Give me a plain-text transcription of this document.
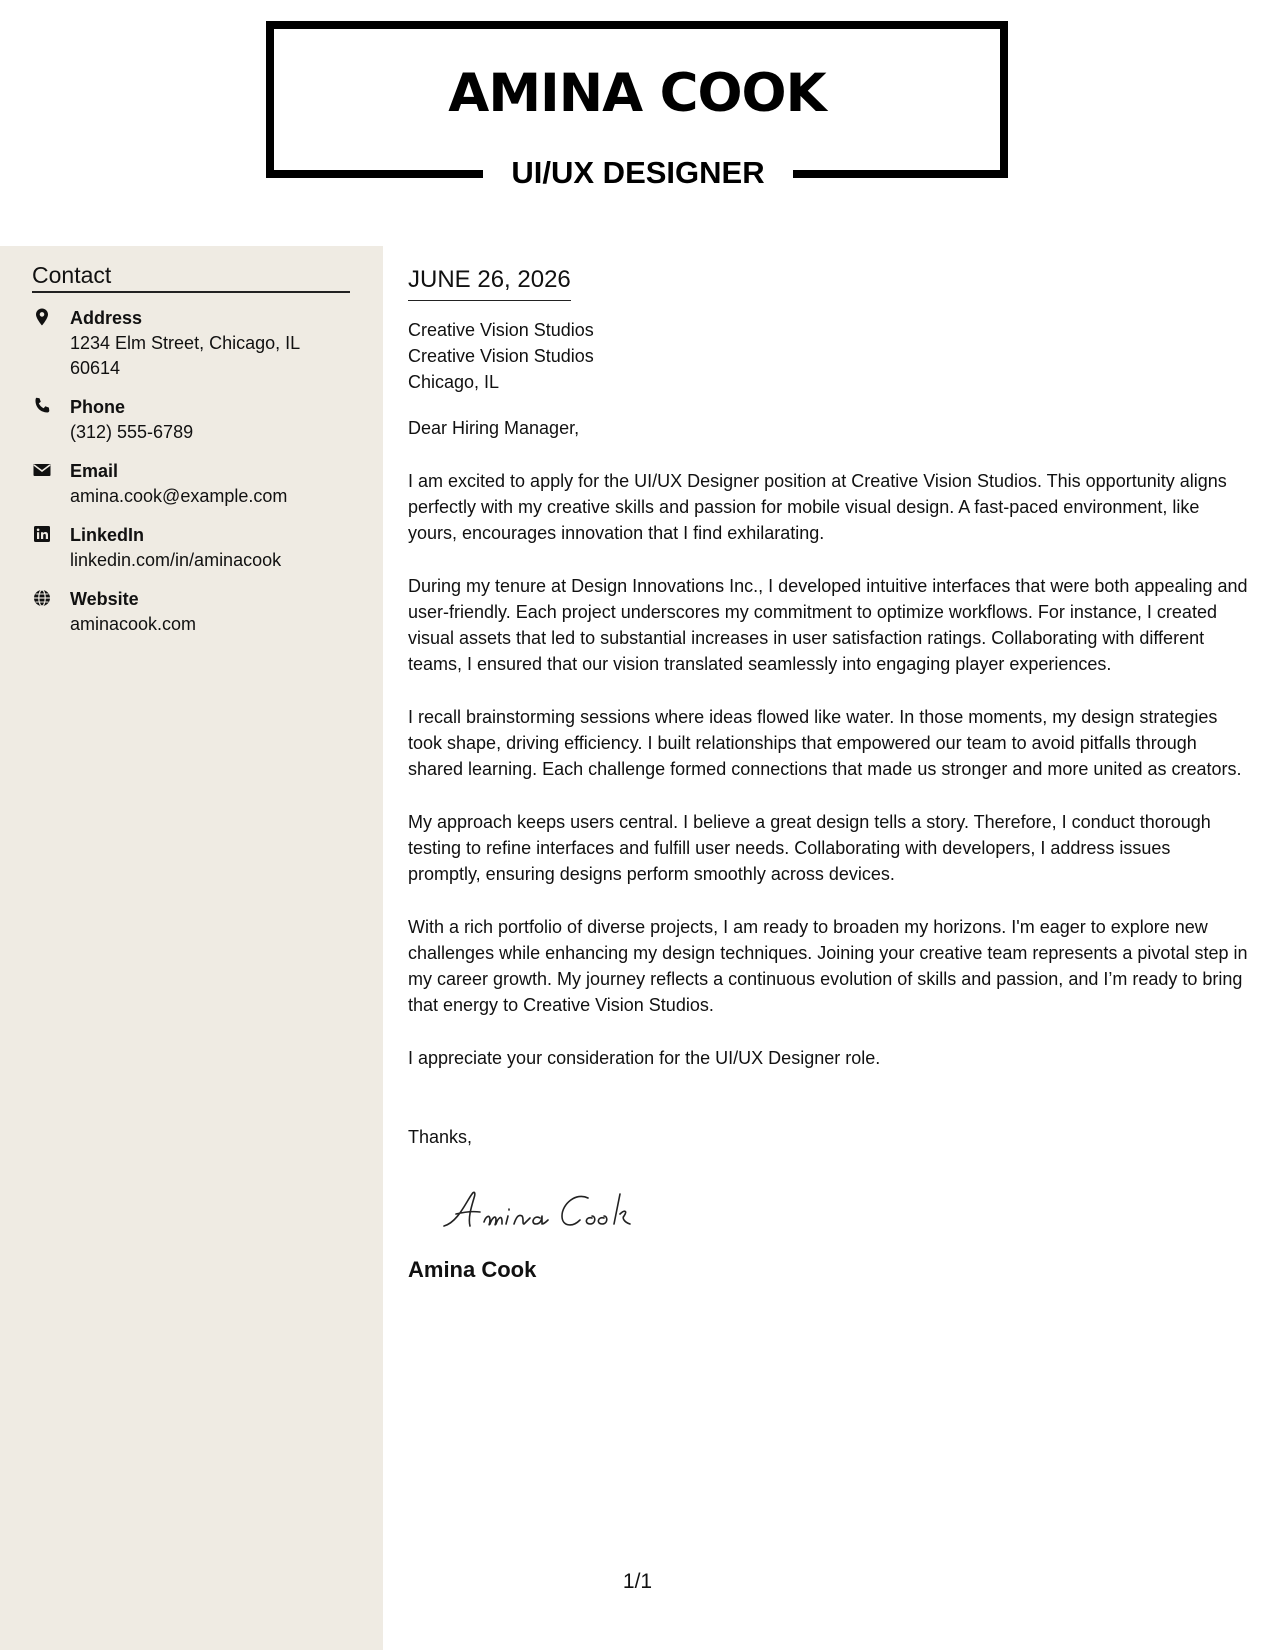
AMINA COOK
UI/UX DESIGNER
Contact
Address
1234 Elm Street, Chicago, IL 60614
Phone
(312) 555-6789
Email
amina.cook@example.com
LinkedIn
linkedin.com/in/aminacook
Website
aminacook.com
JUNE 26, 2026
Creative Vision Studios
Creative Vision Studios
Chicago, IL

Dear Hiring Manager,

I am excited to apply for the UI/UX Designer position at Creative Vision Studios. This opportunity aligns perfectly with my creative skills and passion for mobile visual design. A fast-paced environment, like yours, encourages innovation that I find exhilarating.

During my tenure at Design Innovations Inc., I developed intuitive interfaces that were both appealing and user-friendly. Each project underscores my commitment to optimize workflows. For instance, I created visual assets that led to substantial increases in user satisfaction ratings. Collaborating with different teams, I ensured that our vision translated seamlessly into engaging player experiences.

I recall brainstorming sessions where ideas flowed like water. In those moments, my design strategies took shape, driving efficiency. I built relationships that empowered our team to avoid pitfalls through shared learning. Each challenge formed connections that made us stronger and more united as creators.

My approach keeps users central. I believe a great design tells a story. Therefore, I conduct thorough testing to refine interfaces and fulfill user needs. Collaborating with developers, I address issues promptly, ensuring designs perform smoothly across devices.

With a rich portfolio of diverse projects, I am ready to broaden my horizons. I'm eager to explore new challenges while enhancing my design techniques. Joining your creative team represents a pivotal step in my career growth. My journey reflects a continuous evolution of skills and passion, and I’m ready to bring that energy to Creative Vision Studios.

I appreciate your consideration for the UI/UX Designer role.

Thanks,
Amina Cook
1/1
